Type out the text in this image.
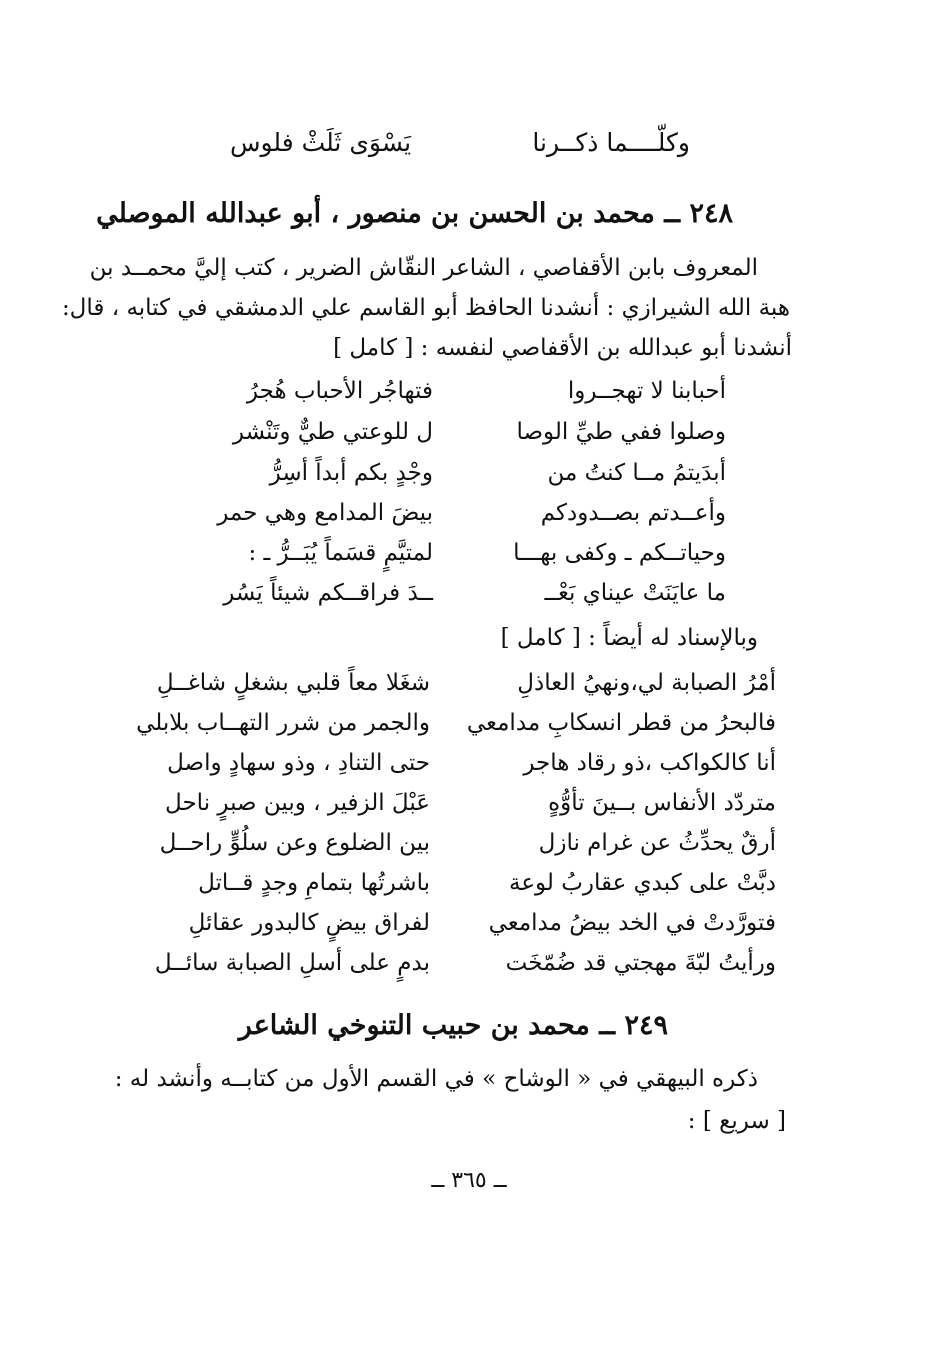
وكلّــــما ذكــرنا
يَسْوَى ثَلَثْ فلوس
٢٤٨ ــ محمد بن الحسن بن منصور ، أبو عبدالله الموصلي
المعروف بابن الأقفاصي ، الشاعر النقّاش الضرير ، كتب إليَّ محمــد بن
هبة الله الشيرازي : أنشدنا الحافظ أبو القاسم علي الدمشقي في كتابه ، قال:
أنشدنا أبو عبدالله بن الأقفاصي لنفسه : [ كامل ]
أحبابنا لا تهجــروا
فتهاجُر الأحباب هُجرُ
وصلوا ففي طيِّ الوصا
ل للوعتي طيٌّ وتَنْشر
أبدَيتمُ مــا كنتُ من
وجْدٍ بكم أبداً أسِرُّ
وأعــدتم بصــدودكم
بيضَ المدامع وهي حمر
وحياتــكم ـ وكفى بهـــا
لمتيَّمٍ قسَماً يُبَــرُّ ـ :
ما عايَنَتْ عيناي بَعْــ
ــدَ فراقــكم شيئاً يَسُر
وبالإسناد له أيضاً : [ كامل ]
أمْرُ الصبابة لي،ونهيُ العاذلِ
شغَلا معاً قلبي بشغلٍ شاغــلِ
فالبحرُ من قطر انسكابِ مدامعي
والجمر من شرر التهــاب بلابلي
أنا كالكواكب ،ذو رقاد هاجر
حتى التنادِ ، وذو سهادٍ واصل
متردّد الأنفاس بــينَ تأوُّهٍ
عَبْلَ الزفير ، وبين صبرٍ ناحل
أرقٌ يحدِّثُ عن غرام نازل
بين الضلوع وعن سلُوٍّ راحــل
دبَّتْ على كبدي عقاربُ لوعة
باشرتُها بتمامِ وجدٍ قــاتل
فتورَّدتْ في الخد بيضُ مدامعي
لفراق بيضٍ كالبدور عقائلِ
ورأيتُ لبّةَ مهجتي قد ضُمّخَت
بدمٍ على أسلِ الصبابة سائــل
٢٤٩ ــ محمد بن حبيب التنوخي الشاعر
ذكره البيهقي في « الوشاح » في القسم الأول من كتابــه وأنشد له :
[ سريع ] :
ــ ٣٦٥ ــ
